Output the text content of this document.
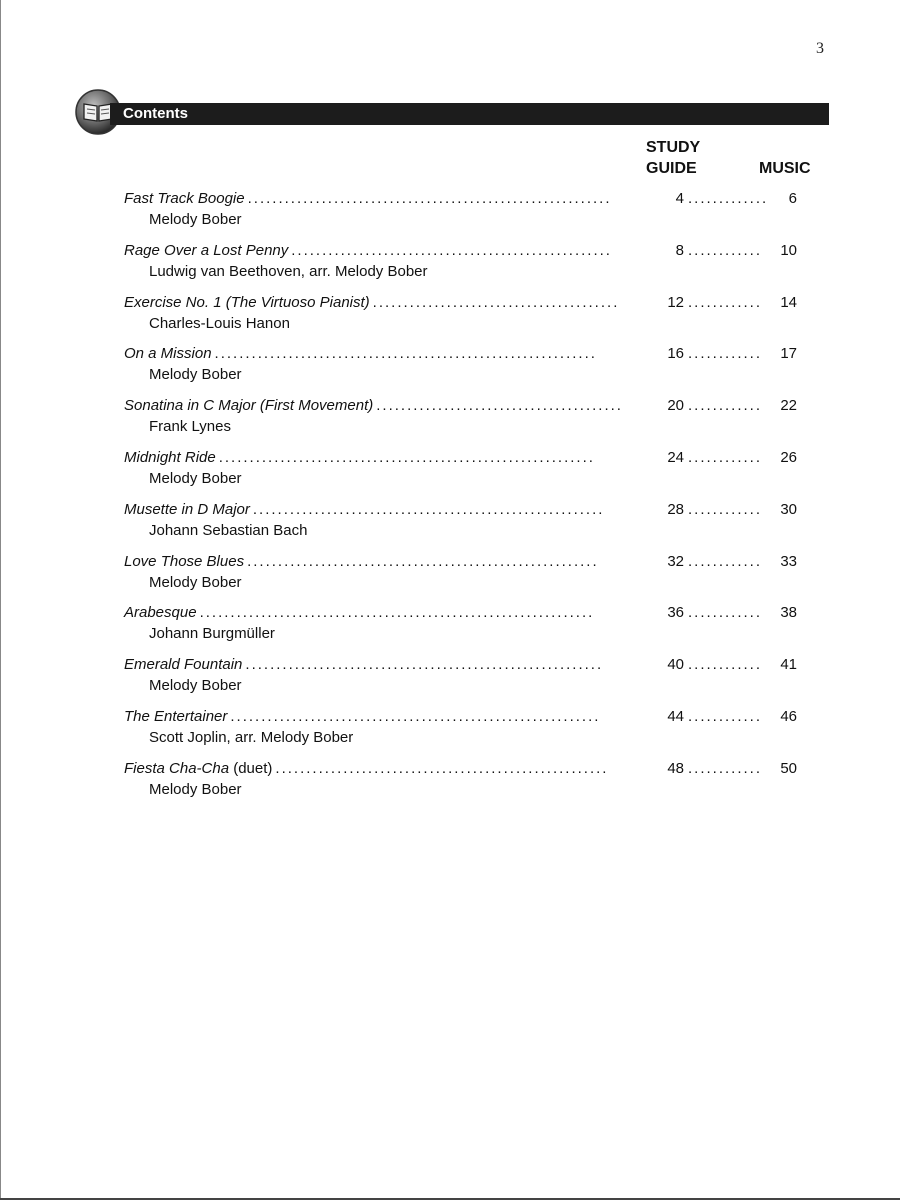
3
Contents
STUDY
GUIDE	MUSIC
Fast Track Boogie ...........................................................	4 .............	6
Melody Bober
Rage Over a Lost Penny ....................................................	8 ............	10
Ludwig van Beethoven, arr. Melody Bober
Exercise No. 1 (The Virtuoso Pianist) ........................................	12 ............	14
Charles-Louis Hanon
On a Mission ..............................................................	16 ............	17
Melody Bober
Sonatina in C Major (First Movement) ........................................	20 ............	22
Frank Lynes
Midnight Ride .............................................................	24 ............	26
Melody Bober
Musette in D Major .........................................................	28 ............	30
Johann Sebastian Bach
Love Those Blues .........................................................	32 ............	33
Melody Bober
Arabesque ................................................................	36 ............	38
Johann Burgmüller
Emerald Fountain ..........................................................	40 ............	41
Melody Bober
The Entertainer ............................................................	44 ............	46
Scott Joplin, arr. Melody Bober
Fiesta Cha-Cha (duet) ......................................................	48 ............	50
Melody Bober
